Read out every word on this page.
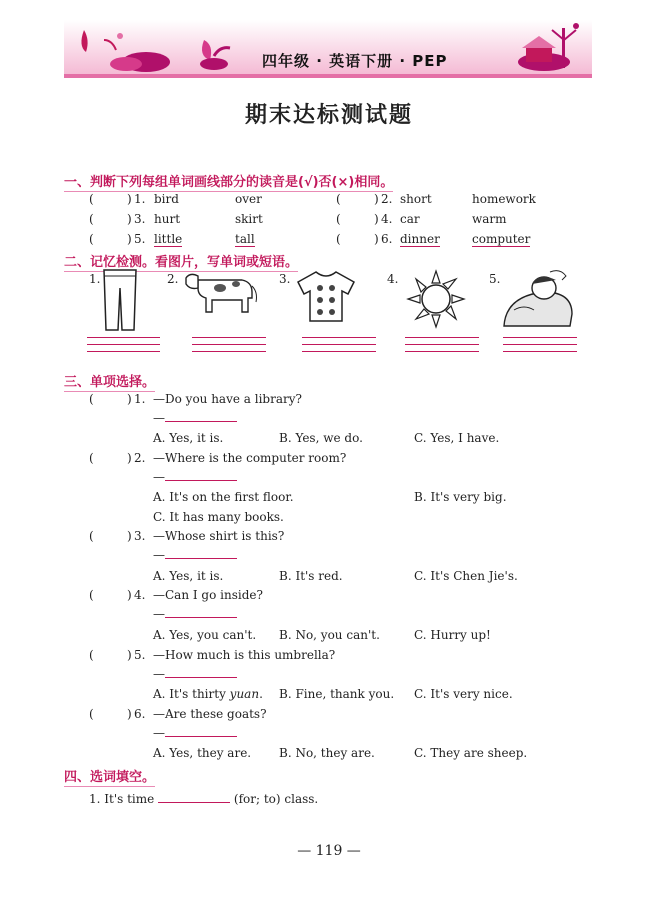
四年级 · 英语下册 · PEP
期末达标测试题
一、判断下列每组单词画线部分的读音是(√)否(×)相同。
(	) 1. bird	over	(	) 2. short	homework
(	) 3. hurt	skirt	(	) 4. car	warm
(	) 5. little	tall	(	) 6. dinner	computer
二、记忆检测。看图片，写单词或短语。
1.	2.	3.	4.	5.
三、单项选择。
(	) 1. —Do you have a library?
—
A. Yes, it is.	B. Yes, we do.	C. Yes, I have.
(	) 2. —Where is the computer room?
—
A. It's on the first floor.	B. It's very big.
C. It has many books.
(	) 3. —Whose shirt is this?
—
A. Yes, it is.	B. It's red.	C. It's Chen Jie's.
(	) 4. —Can I go inside?
—
A. Yes, you can't. B. No, you can't.	C. Hurry up!
(	) 5. —How much is this umbrella?
—
A. It's thirty yuan. B. Fine, thank you. C. It's very nice.
(	) 6. —Are these goats?
—
A. Yes, they are. B. No, they are.	C. They are sheep.
四、选词填空。
1. It's time	(for; to) class.
— 119 —
